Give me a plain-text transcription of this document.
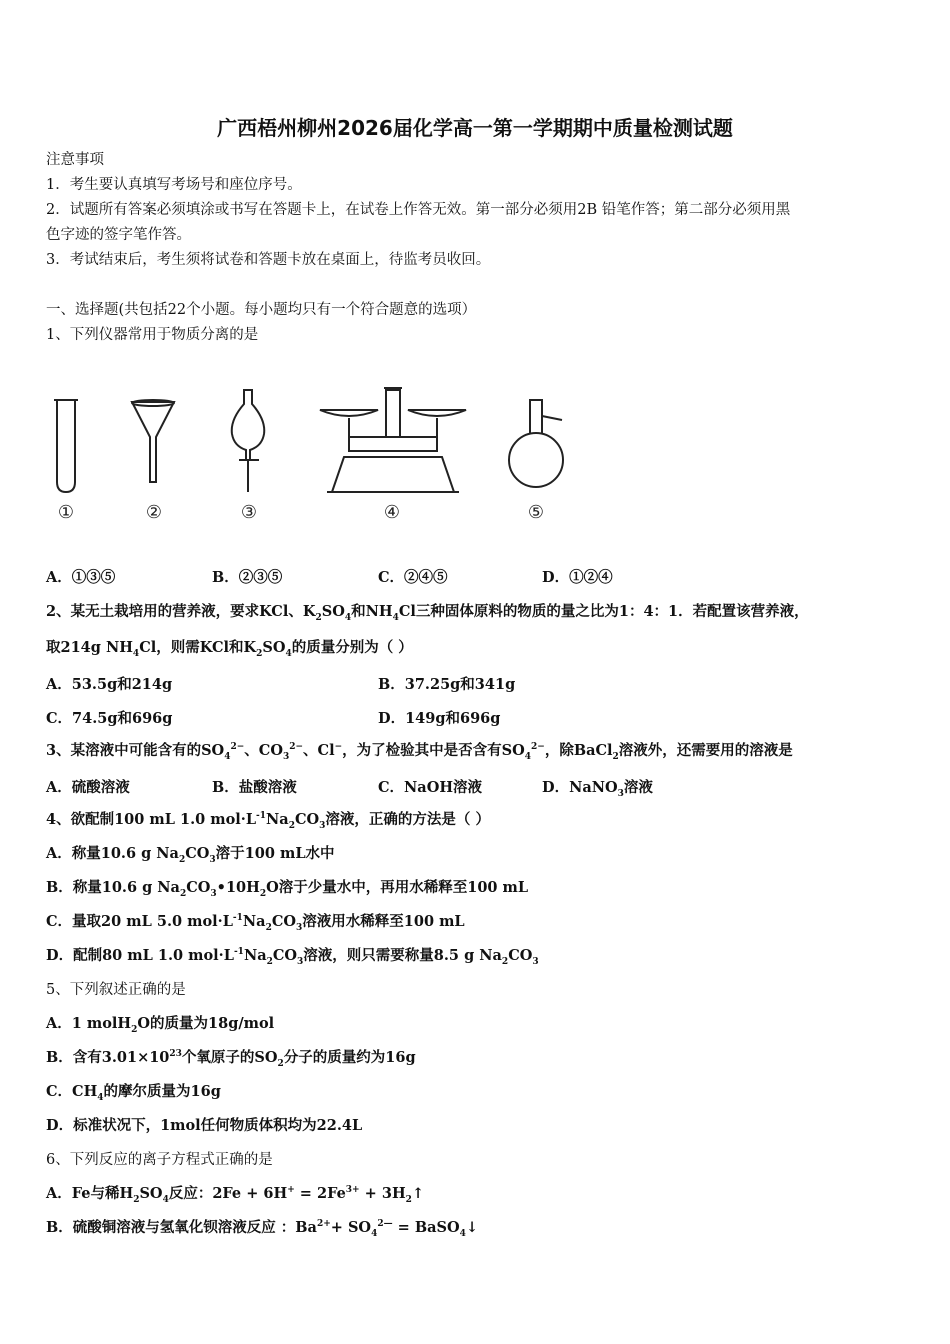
广西梧州柳州2026届化学高一第一学期期中质量检测试题
注意事项
1．考生要认真填写考场号和座位序号。
2．试题所有答案必须填涂或书写在答题卡上，在试卷上作答无效。第一部分必须用2B 铅笔作答；第二部分必须用黑
色字迹的签字笔作答。
3．考试结束后，考生须将试卷和答题卡放在桌面上，待监考员收回。
一、选择题(共包括22个小题。每小题均只有一个符合题意的选项）
1、下列仪器常用于物质分离的是
①	②	③	④	⑤
A．①③⑤	B．②③⑤	C．②④⑤	D．①②④
2、某无土栽培用的营养液，要求KCl、$K_2SO_4$和$NH_4Cl$三种固体原料的物质的量之比为1：4：1．若配置该营养液，
取214g $NH_4Cl$，则需KCl和$K_2SO_4$的质量分别为（ ）
A．53.5g和214g	B．37.25g和341g
C．74.5g和696g	D．149g和696g
3、某溶液中可能含有的$SO_4^{2-}$、$CO_3^{2-}$、Cl−，为了检验其中是否含有$SO_4^{2-}$，除BaCl$_2$溶液外，还需要用的溶液是
A．硫酸溶液	B．盐酸溶液	C．NaOH溶液	D．NaNO$_3$溶液
4、欲配制100 mL 1.0 $mol\cdot L^{-1}Na_2CO_3$溶液，正确的方法是（ ）
A．称量10.6 g $Na_2CO_3$溶于100 mL水中
B．称量10.6 g $Na_2CO_3•10H_2O$溶于少量水中，再用水稀释至100 mL
C．量取20 mL 5.0 $mol\cdot L^{-1}Na_2CO_3$溶液用水稀释至100 mL
D．配制80 mL 1.0 $mol\cdot L^{-1}Na_2CO_3$溶液，则只需要称量8.5 g $Na_2CO_3$
5、下列叙述正确的是
A．1 molH$_2$O的质量为18g/mol
B．含有$3.01\times 10^{23}$个氧原子的$SO_2$分子的质量约为16g
C．$CH_4$的摩尔质量为16g
D．标准状况下，1mol任何物质体积均为22.4L
6、下列反应的离子方程式正确的是
A．Fe与稀$H_2SO_4$反应：$2Fe + 6H^+ = 2Fe^{3+}$ + $3H_2↑$
B．硫酸铜溶液与氢氧化钡溶液反应 ：$Ba^{2+}+ SO_4^{2—}$ = BaSO$_4$↓
